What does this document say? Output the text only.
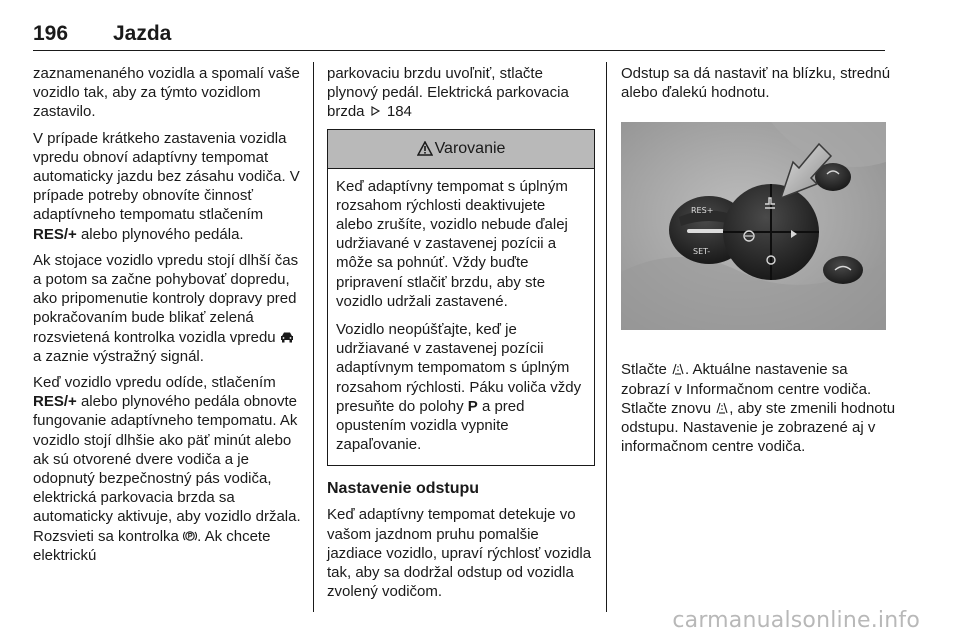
196 Jazda

zaznamenaného vozidla a spomalí vaše vozidlo tak, aby za týmto vozidlom zastavilo.

V prípade krátkeho zastavenia vozidla vpredu obnoví adaptívny tempomat automaticky jazdu bez zásahu vodiča. V prípade potreby obnovíte činnosť adaptívneho tempomatu stlačením RES/+ alebo plynového pedála.

Ak stojace vozidlo vpredu stojí dlhší čas a potom sa začne pohybovať dopredu, ako pripomenutie kontroly dopravy pred pokračovaním bude blikať zelená rozsvietená kontrolka vozidla vpredu  a zaznie výstražný signál.

Keď vozidlo vpredu odíde, stlačením RES/+ alebo plynového pedála obnovte fungovanie adaptívneho tempomatu. Ak vozidlo stojí dlhšie ako päť minút alebo ak sú otvorené dvere vodiča a je odopnutý bezpečnostný pás vodiča, elektrická parkovacia brzda sa automaticky aktivuje, aby vozidlo držala. Rozsvieti sa kontrolka . Ak chcete elektrickú

parkovaciu brzdu uvoľniť, stlačte plynový pedál. Elektrická parkovacia brzda  184

Varovanie

Keď adaptívny tempomat s úplným rozsahom rýchlosti deaktivujete alebo zrušíte, vozidlo nebude ďalej udržiavané v zastavenej pozícii a môže sa pohnúť. Vždy buďte pripravení stlačiť brzdu, aby ste vozidlo udržali zastavené.

Vozidlo neopúšťajte, keď je udržiavané v zastavenej pozícii adaptívnym tempomatom s úplným rozsahom rýchlosti. Páku voliča vždy presuňte do polohy P a pred opustením vozidla vypnite zapaľovanie.

Nastavenie odstupu

Keď adaptívny tempomat detekuje vo vašom jazdnom pruhu pomalšie jazdiace vozidlo, upraví rýchlosť vozidla tak, aby sa dodržal odstup od vozidla zvolený vodičom.

Odstup sa dá nastaviť na blízku, strednú alebo ďalekú hodnotu.

RES+
SET-

Stlačte . Aktuálne nastavenie sa zobrazí v Informačnom centre vodiča. Stlačte znovu , aby ste zmenili hodnotu odstupu. Nastavenie je zobrazené aj v informačnom centre vodiča.

carmanualsonline.info
